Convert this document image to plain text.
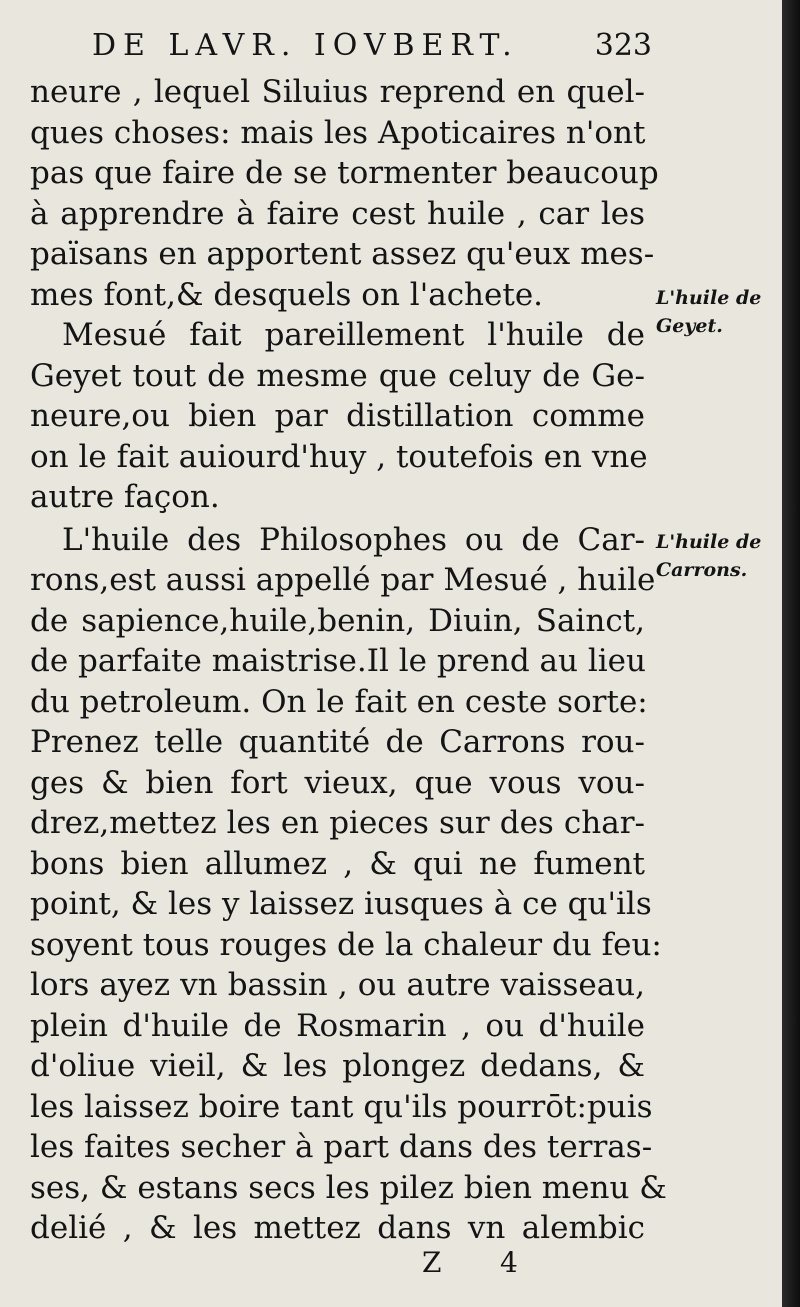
DE LAVR. IOVBERT.	323
neure , lequel Siluius reprend en quel-
ques choses: mais les Apoticaires n'ont
pas que faire de se tormenter beaucoup
à apprendre à faire cest huile , car les
païsans en apportent assez qu'eux mes-
mes font,& desquels on l'achete.
Mesué fait pareillement l'huile de
Geyet tout de mesme que celuy de Ge-
neure,ou bien par distillation comme
on le fait auiourd'huy , toutefois en vne
autre façon.
L'huile des Philosophes ou de Car-
rons,est aussi appellé par Mesué , huile
de sapience,huile,benin, Diuin, Sainct,
de parfaite maistrise.Il le prend au lieu
du petroleum. On le fait en ceste sorte:
Prenez telle quantité de Carrons rou-
ges & bien fort vieux, que vous vou-
drez,mettez les en pieces sur des char-
bons bien allumez , & qui ne fument
point, & les y laissez iusques à ce qu'ils
soyent tous rouges de la chaleur du feu:
lors ayez vn bassin , ou autre vaisseau,
plein d'huile de Rosmarin , ou d'huile
d'oliue vieil, & les plongez dedans, &
les laissez boire tant qu'ils pourrōt:puis
les faites secher à part dans des terras-
ses, & estans secs les pilez bien menu &
delié , & les mettez dans vn alembic
L'huile de
Geyet.
L'huile de
Carrons.
Z 4
